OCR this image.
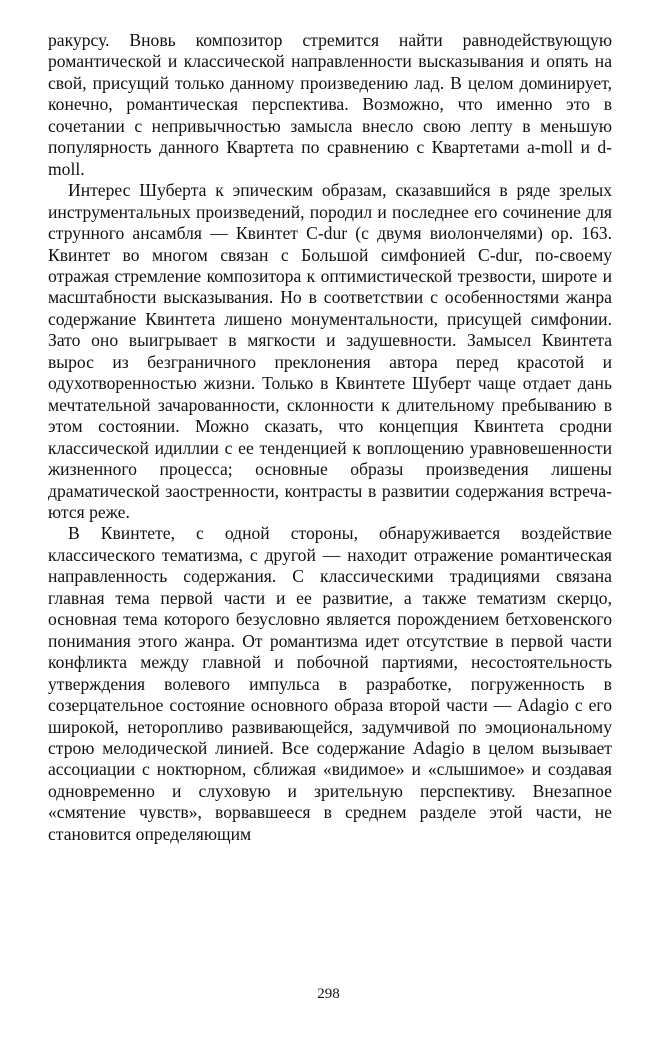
ракурсу. Вновь композитор стремится найти равнодействующую романтической и классической направленности высказывания и опять на свой, присущий только данному произведению лад. В целом доминирует, конечно, романтическая перспектива. Возможно, что именно это в сочетании с непривычностью замысла внесло свою лепту в меньшую популярность данного Квартета по сравнению с Квартетами a-moll и d-moll.

Интерес Шуберта к эпическим образам, сказавшийся в ряде зрелых инструментальных произведений, породил и последнее его сочинение для струнного ансамбля — Квинтет C-dur (с двумя виолончелями) ор. 163. Квинтет во многом связан с Большой симфонией C-dur, по-своему отражая стремление композитора к оптимистической трезвости, широте и масштабности высказывания. Но в соответствии с особенностями жанра содержание Квинтета лишено монументальности, присущей симфонии. Зато оно выигрывает в мягкости и задушевности. Замысел Квинтета вырос из безграничного преклонения автора перед красотой и одухотворенностью жизни. Только в Квинтете Шуберт чаще отдает дань мечтательной зачарованности, склонности к длительному пребыванию в этом состоянии. Можно сказать, что концепция Квинтета сродни классической идиллии с ее тенденцией к воплощению уравновешенности жизненного процесса; основные образы произведения лишены драматической заостренности, контрасты в развитии содержания встречаются реже.

В Квинтете, с одной стороны, обнаруживается воздействие классического тематизма, с другой — находит отражение романтическая направленность содержания. С классическими традициями связана главная тема первой части и ее развитие, а также тематизм скерцо, основная тема которого безусловно является порождением бетховенского понимания этого жанра. От романтизма идет отсутствие в первой части конфликта между главной и побочной партиями, несостоятельность утверждения волевого импульса в разработке, погруженность в созерцательное состояние основного образа второй части — Adagio с его широкой, неторопливо развивающейся, задумчивой по эмоциональному строю мелодической линией. Все содержание Adagio в целом вызывает ассоциации с ноктюрном, сближая «видимое» и «слышимое» и создавая одновременно и слуховую и зрительную перспективу. Внезапное «смятение чувств», ворвавшееся в среднем разделе этой части, не становится определяющим

298
